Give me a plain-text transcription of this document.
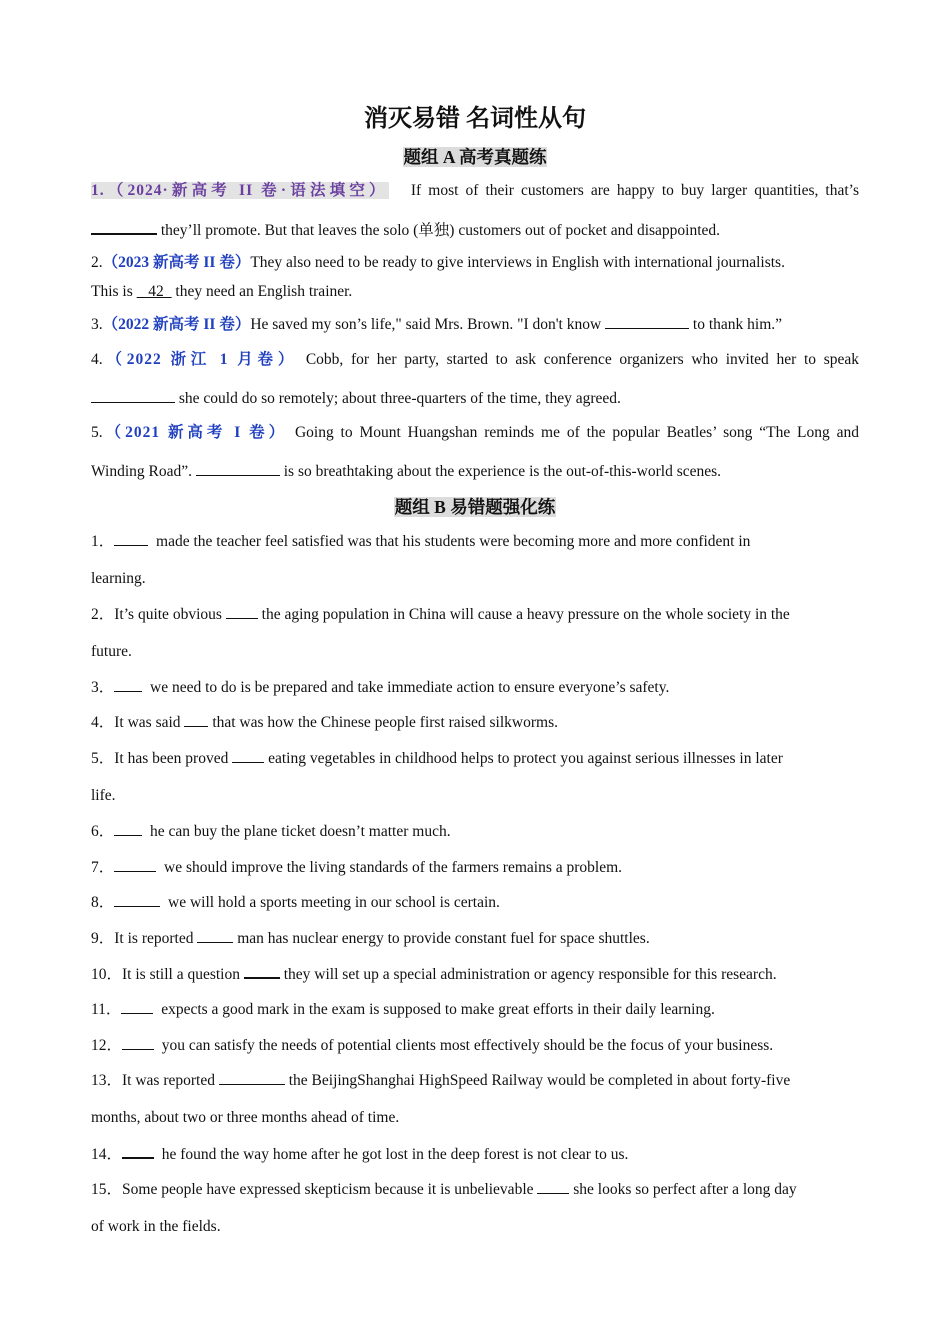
消灭易错 名词性从句
题组 A 高考真题练
1.（2024·新高考 II 卷·语法填空） If most of their customers are happy to buy larger quantities, that’s
they’ll promote. But that leaves the solo (单独) customers out of pocket and disappointed.
2.（2023 新高考 II 卷）They also need to be ready to give interviews in English with international journalists.
This is  _42_ they need an English trainer.
3.（2022 新高考 II 卷）He saved my son’s life," said Mrs. Brown. "I don't know	to thank him.”
4.（2022 浙江 1 月卷） Cobb, for her party, started to ask conference organizers who invited her to speak
she could do so remotely; about three-quarters of the time, they agreed.
5.（2021 新高考 I 卷） Going to Mount Huangshan reminds me of the popular Beatles’ song “The Long and
Winding Road”.	is so breathtaking about the experience is the out-of-this-world scenes.
题组 B 易错题强化练
1．	made the teacher feel satisfied was that his students were becoming more and more confident in
learning.
2．It’s quite obvious	the aging population in China will cause a heavy pressure on the whole society in the
future.
3． we need to do is be prepared and take immediate action to ensure everyone’s safety.
4．It was said that was how the Chinese people first raised silkworms.
5．It has been proved	eating vegetables in childhood helps to protect you against serious illnesses in later
life.
6． he can buy the plane ticket doesn’t matter much.
7．	we should improve the living standards of the farmers remains a problem.
8．	we will hold a sports meeting in our school is certain.
9．It is reported	man has nuclear energy to provide constant fuel for space shuttles.
10．It is still a question	they will set up a special administration or agency responsible for this research.
11．	expects a good mark in the exam is supposed to make great efforts in their daily learning.
12．	you can satisfy the needs of potential clients most effectively should be the focus of your business.
13．It was reported	the BeijingShanghai HighSpeed Railway would be completed in about forty-five
months, about two or three months ahead of time.
14．	he found the way home after he got lost in the deep forest is not clear to us.
15．Some people have expressed skepticism because it is unbelievable	she looks so perfect after a long day
of work in the fields.
